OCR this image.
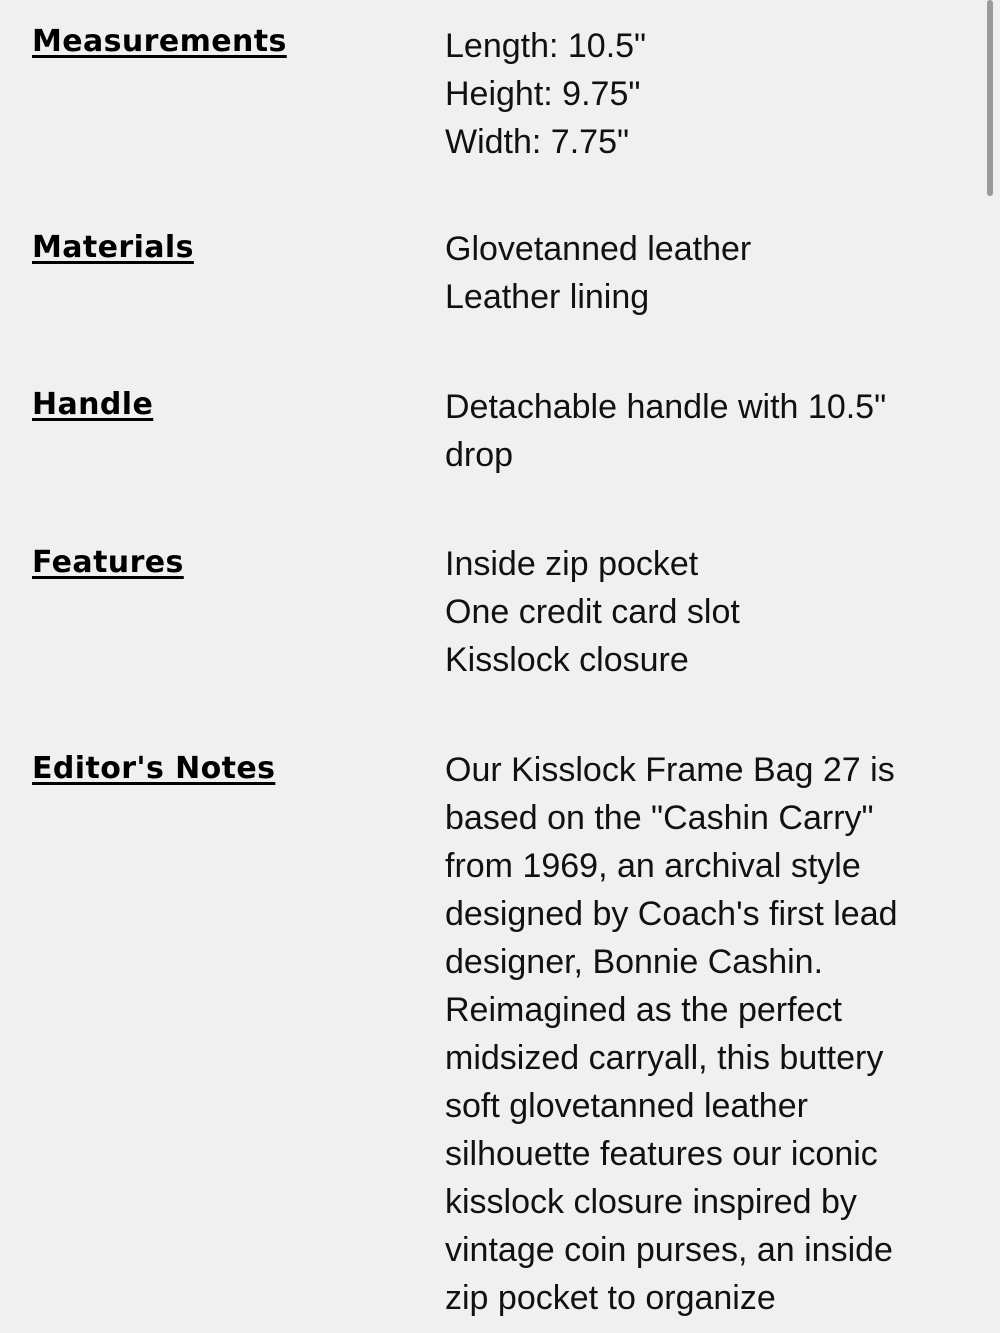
Measurements	Length: 10.5"
Height: 9.75"
Width: 7.75"
Materials	Glovetanned leather
Leather lining
Handle	Detachable handle with 10.5"
drop
Features	Inside zip pocket
One credit card slot
Kisslock closure
Editor's Notes	Our Kisslock Frame Bag 27 is
based on the "Cashin Carry"
from 1969, an archival style
designed by Coach's first lead
designer, Bonnie Cashin.
Reimagined as the perfect
midsized carryall, this buttery
soft glovetanned leather
silhouette features our iconic
kisslock closure inspired by
vintage coin purses, an inside
zip pocket to organize
